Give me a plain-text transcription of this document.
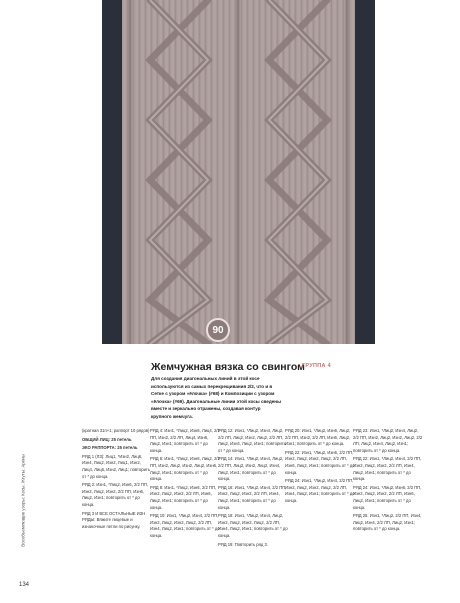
90
Жемчужная вязка со свингом
ГРУППА 4
Для создания диагональных линий в этой косе используются из самых перекрещивания 2/2, что и в Сетке с узором «ёлочка» (#68) и Композиции с узором «ёлочка» (#69). Диагональные линии этой косы сведены вместе и зеркально отражены, создавая контур крупного жемчуга.
Всеобъемлющие узоры: Косы. Жгуты. Арены
134

(кратная 31п+1; раппорт 10 рядов)

ОБЩИЙ ЛИЦ: 25 петель

ЭКО РАППОРТА: 25 петель

РЯД 1 (ЛЗ): Лиц1, *Изн2, Лиц6, Изн4, Лиц2, Изн2, Лиц1, Изн2, Лиц4, Лиц6, Изн2, Лиц1; повторить от * до конца.

РЯД 2: Изн1, *Лиц2, Изн6, 2/2 ПП, Изн2, Лиц2, Изн2, 2/2 ПП, Изн6, Лиц2, Изн1; повторить от * до конца.

РЯД 3 И ВСЕ ОСТАЛЬНЫЕ ИЗН РЯДЫ: Вяжите лицевые и изнаночные петли по рисунку.

РЯД 4: Изн1, *Лиц2, Изн6, Лиц4, 2/2 ПП, Изн2, 2/2 ЛП, Лиц4, Изн6, Лиц2, Изн1; повторить от * до конца.

РЯД 6: Изн1, *Лиц2, Изн6, Лиц2, 2/2 ПП, Изн2, Лиц2, Изн2, Лиц2, Изн6, Лиц2, Изн1; повторить от * до конца.

РЯД 8: Изн1, *Лиц2, Изн6, 2/2 ПП, Изн2, Лиц2, Изн2, 2/2 ЛП, Изн6, Лиц2, Изн1; повторить от * до конца.

РЯД 10: Изн1, *Лиц2, Изн4, 2/2 ПП, Изн2, Лиц2, Изн2, Лиц2, 2/2 ЛП, Изн4, Лиц2, Изн1; повторить от * до конца.

РЯД 12: Изн1, *Лиц2, Изн4, Лиц2, 2/2 ЛП, Лиц2, Изн2, Лиц2, 2/2 ЛП, Лиц2, Изн4, Лиц2, Изн1; повторить от * до конца.

РЯД 14: Изн1, *Лиц2, Изн4, Лиц2, 2/2 ПП, Лиц2, Изн2, Лиц2, Изн4, Лиц2, Изн1; повторить от * до конца.

РЯД 16: Изн1, *Лиц2, Изн4, 2/2 ПП, Изн2, Лиц2, Изн2, 2/2 ЛП, Изн4, Лиц2, Изн1; повторить от * до конца.

РЯД 18: Изн1, *Лиц2, Изн4, Лиц2, Изн2, Лиц2, Изн2, Лиц2, 2/2 ЛП, Изн4, Лиц2, Изн1; повторить от * до конца.

РЯД 19: Повторить ряд 3.

РЯД 20: Изн1, *Лиц2, Изн6, Лиц2, 2/2 ПП, Изн2, 2/2 ЛП, Изн6, Лиц2, Изн1; повторить от * до конца.

РЯД 22: Изн1, *Лиц2, Изн6, 2/2 ПП, Изн2, Лиц2, Изн2, Лиц2, 2/2 ЛП, Изн6, Лиц2, Изн1; повторить от * до конца.

РЯД 24: Изн1, *Лиц2, Изн4, 2/2 ПП, Изн2, Лиц2, Изн2, Лиц2, 2/2 ЛП, Изн4, Лиц2, Изн1; повторить от * до конца.

РЯД 23: Изн1, *Лиц2, Изн4, Лиц2, 2/2 ПП, Изн2, Лиц2, Изн2, Лиц2, 2/2 ЛП, Лиц2, Изн4, Лиц2, Изн1; повторить от * до конца.

РЯД 22: Изн1, *Лиц2, Изн4, 2/2 ПП, Изн2, Лиц2, Изн2, 2/2 ЛП, Изн4, Лиц2, Изн1; повторить от * до конца.

РЯД 24: Изн1, *Лиц2, Изн6, 2/2 ПП, Изн2, Лиц2, Изн2, 2/2 ЛП, Изн6, Лиц2, Изн1; повторить от * до конца.

РЯД 25: Изн1, *Лиц2, 2/2 ПП, Изн4, Лиц2, Изн4, 2/2 ЛП, Лиц2, Изн1; повторить от * до конца.
